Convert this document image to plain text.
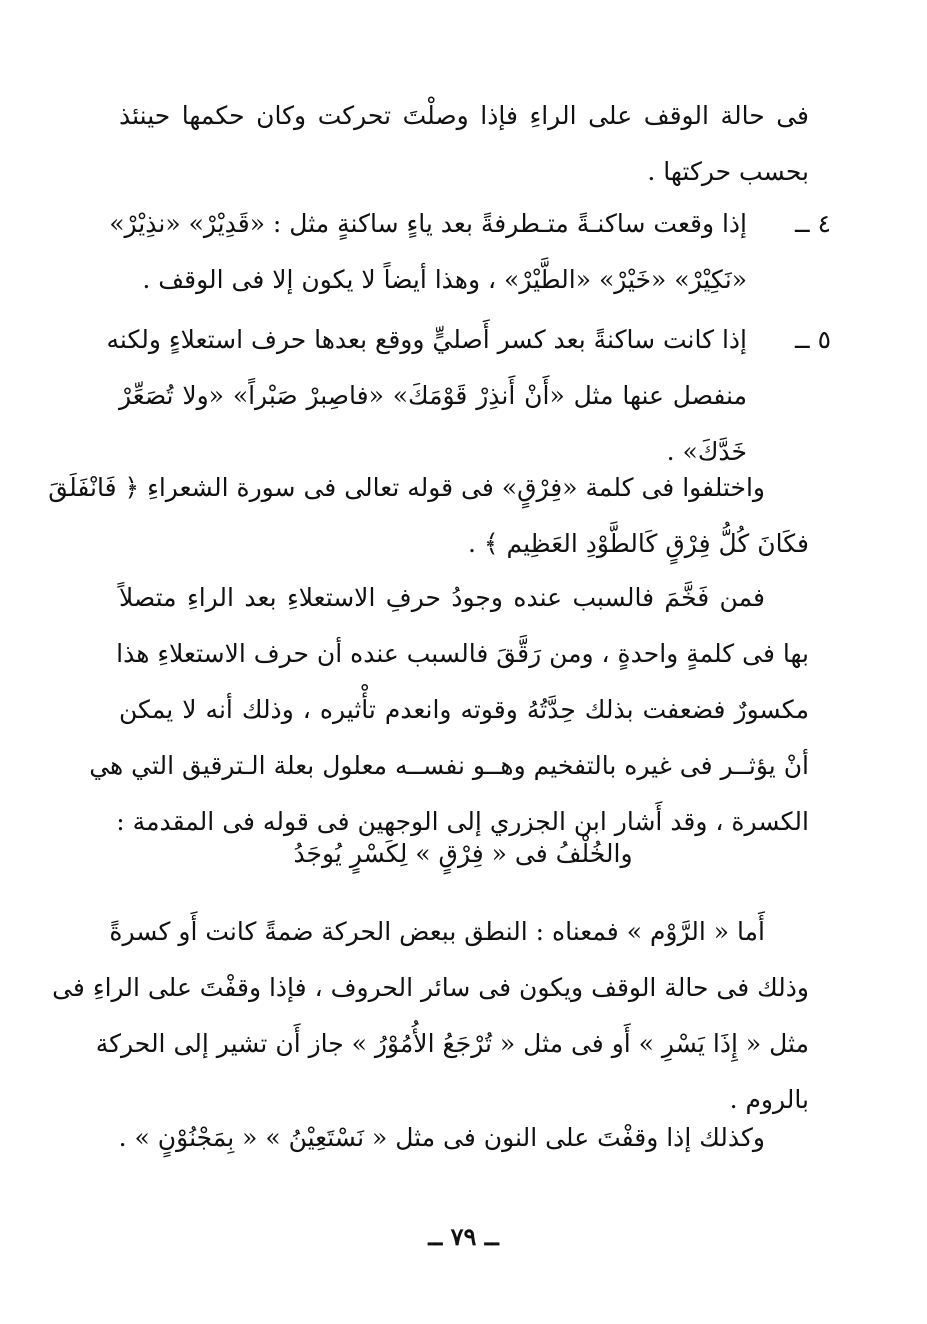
فى حالة الوقف على الراءِ فإذا وصلْتَ تحركت وكان حكمها حينئذ
بحسب حركتها .
٤ ــ
إذا وقعت ساكنـةً متـطرفةً بعد ياءٍ ساكنةٍ مثل : «قَدِيْرْ» «نذِيْرْ»
«نَكِيْرْ» «خَيْرْ» «الطَّيْرْ» ، وهذا أيضاً لا يكون إلا فى الوقف .
٥ ــ
إذا كانت ساكنةً بعد كسر أَصليٍّ ووقع بعدها حرف استعلاءٍ ولكنه
منفصل عنها مثل «أَنْ أَنذِرْ قَوْمَكَ» «فاصِبرْ صَبْراً» «ولا تُصَعِّرْ
خَدَّكَ» .
واختلفوا فى كلمة «فِرْقٍ» فى قوله تعالى فى سورة الشعراءِ ﴿ فَانْفَلَقَ
فكَانَ كُلُّ فِرْقٍ كَالطَّوْدِ العَظِيم ﴾ .
فمن فَخَّمَ فالسبب عنده وجودُ حرفِ الاستعلاءِ بعد الراءِ متصلاً
بها فى كلمةٍ واحدةٍ ، ومن رَقَّقَ فالسبب عنده أن حرف الاستعلاءِ هذا
مكسورٌ فضعفت بذلك حِدَّتُهُ وقوته وانعدم تأْثيره ، وذلك أنه لا يمكن
أنْ يؤثــر فى غيره بالتفخيم وهــو نفســه معلول بعلة الـترقيق التي هي
الكسرة ، وقد أَشار ابن الجزري إلى الوجهين فى قوله فى المقدمة :
والخُلْفُ فى « فِرْقٍ » لِكَسْرٍ يُوجَدُ
أَما « الرَّوْم » فمعناه : النطق ببعض الحركة ضمةً كانت أَو كسرةً
وذلك فى حالة الوقف ويكون فى سائر الحروف ، فإذا وقفْتَ على الراءِ فى
مثل « إِذَا يَسْرِ » أَو فى مثل « تُرْجَعُ الأُمُوْرُ » جاز أَن تشير إلى الحركة
بالروم .
وكذلك إذا وقفْتَ على النون فى مثل « نَسْتَعِيْنُ » « بِمَجْنُوْنٍ » .
ــ ٧٩ ــ
